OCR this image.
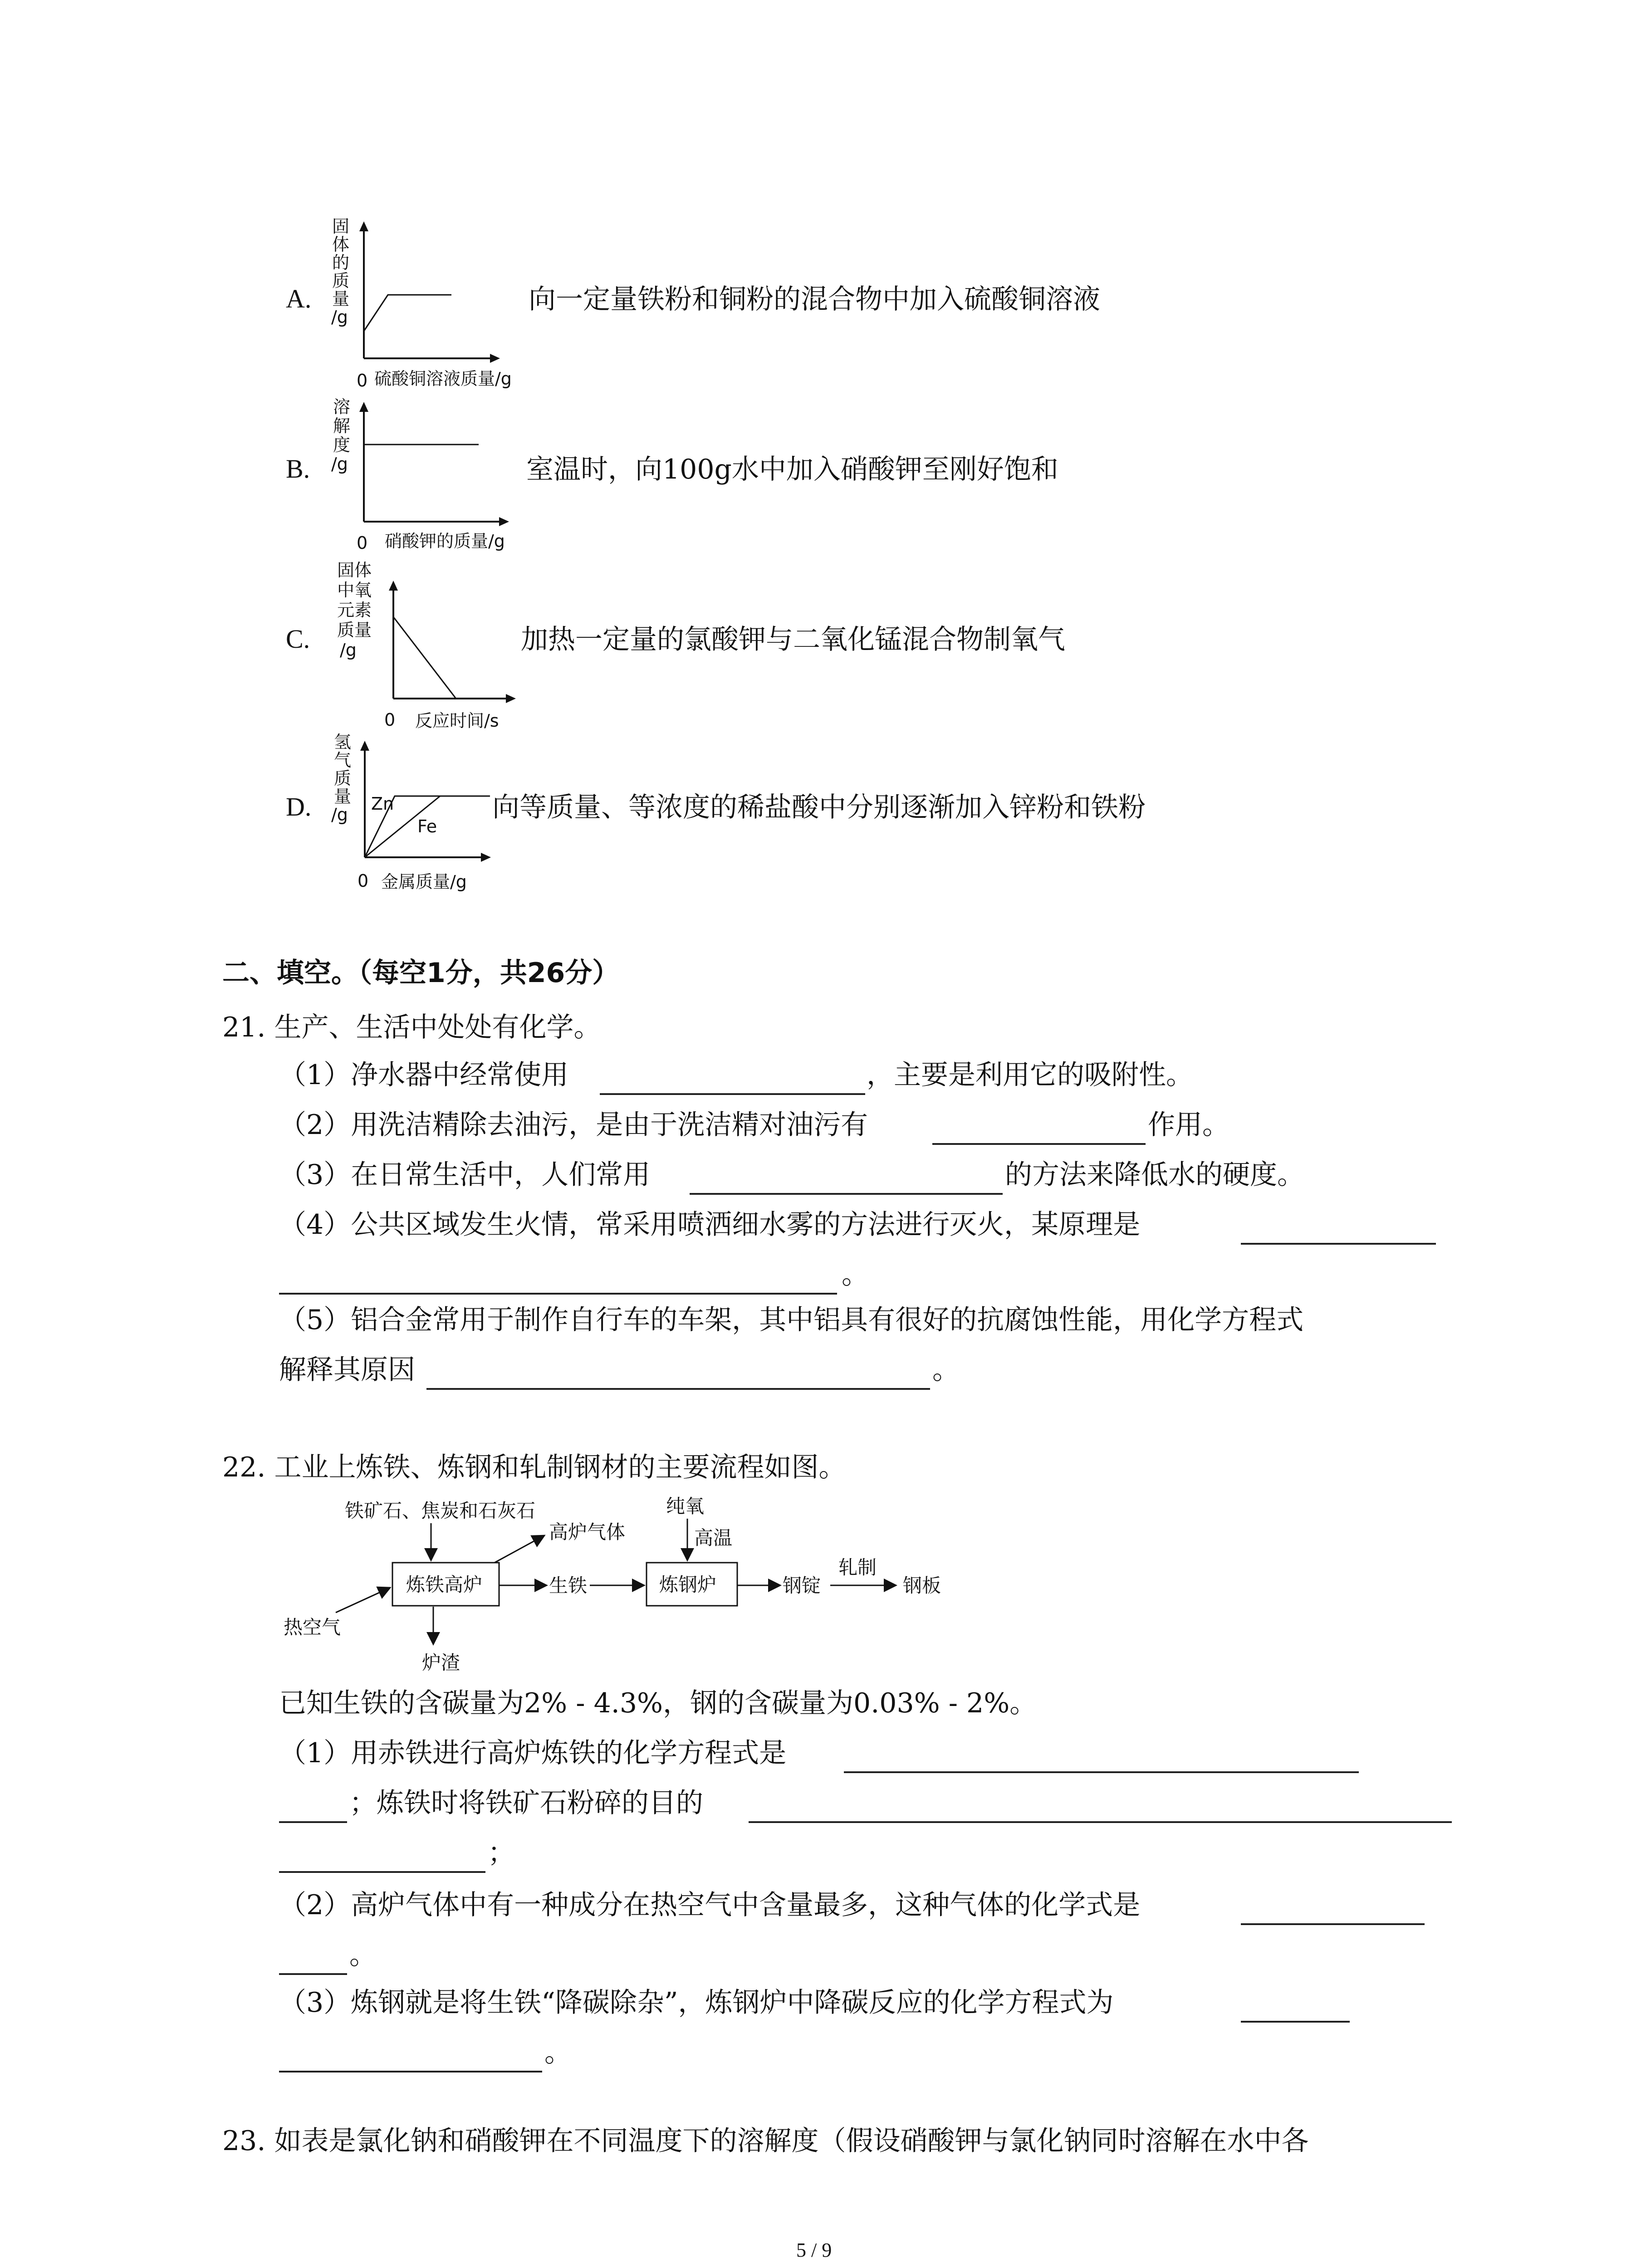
A.
固体的质量/g
0 硫酸铜溶液质量/g
向一定量铁粉和铜粉的混合物中加入硫酸铜溶液
B.
溶解度/g
0 硝酸钾的质量/g
室温时，向100g水中加入硝酸钾至刚好饱和
C.
固体中氧元素质量/g
0 反应时间/s
加热一定量的氯酸钾与二氧化锰混合物制氧气
D.
氢气质量/g
Zn
Fe
0 金属质量/g
向等质量、等浓度的稀盐酸中分别逐渐加入锌粉和铁粉
二、填空。（每空1分，共26分）
21. 生产、生活中处处有化学。
（1）净水器中经常使用	，主要是利用它的吸附性。
（2）用洗洁精除去油污，是由于洗洁精对油污有	作用。
（3）在日常生活中，人们常用	的方法来降低水的硬度。
（4）公共区域发生火情，常采用喷洒细水雾的方法进行灭火，某原理是
。
（5）铝合金常用于制作自行车的车架，其中铝具有很好的抗腐蚀性能，用化学方程式
解释其原因	。
22. 工业上炼铁、炼钢和轧制钢材的主要流程如图。
铁矿石、焦炭和石灰石
炼铁高炉
高炉气体
热空气
炉渣
生铁
纯氧
高温
炼钢炉	钢锭
轧制
钢板
已知生铁的含碳量为2% - 4.3%，钢的含碳量为0.03% - 2%。
（1）用赤铁进行高炉炼铁的化学方程式是
；炼铁时将铁矿石粉碎的目的
；
（2）高炉气体中有一种成分在热空气中含量最多，这种气体的化学式是
。
（3）炼钢就是将生铁“降碳除杂”，炼钢炉中降碳反应的化学方程式为
。
23. 如表是氯化钠和硝酸钾在不同温度下的溶解度（假设硝酸钾与氯化钠同时溶解在水中各
5 / 9
